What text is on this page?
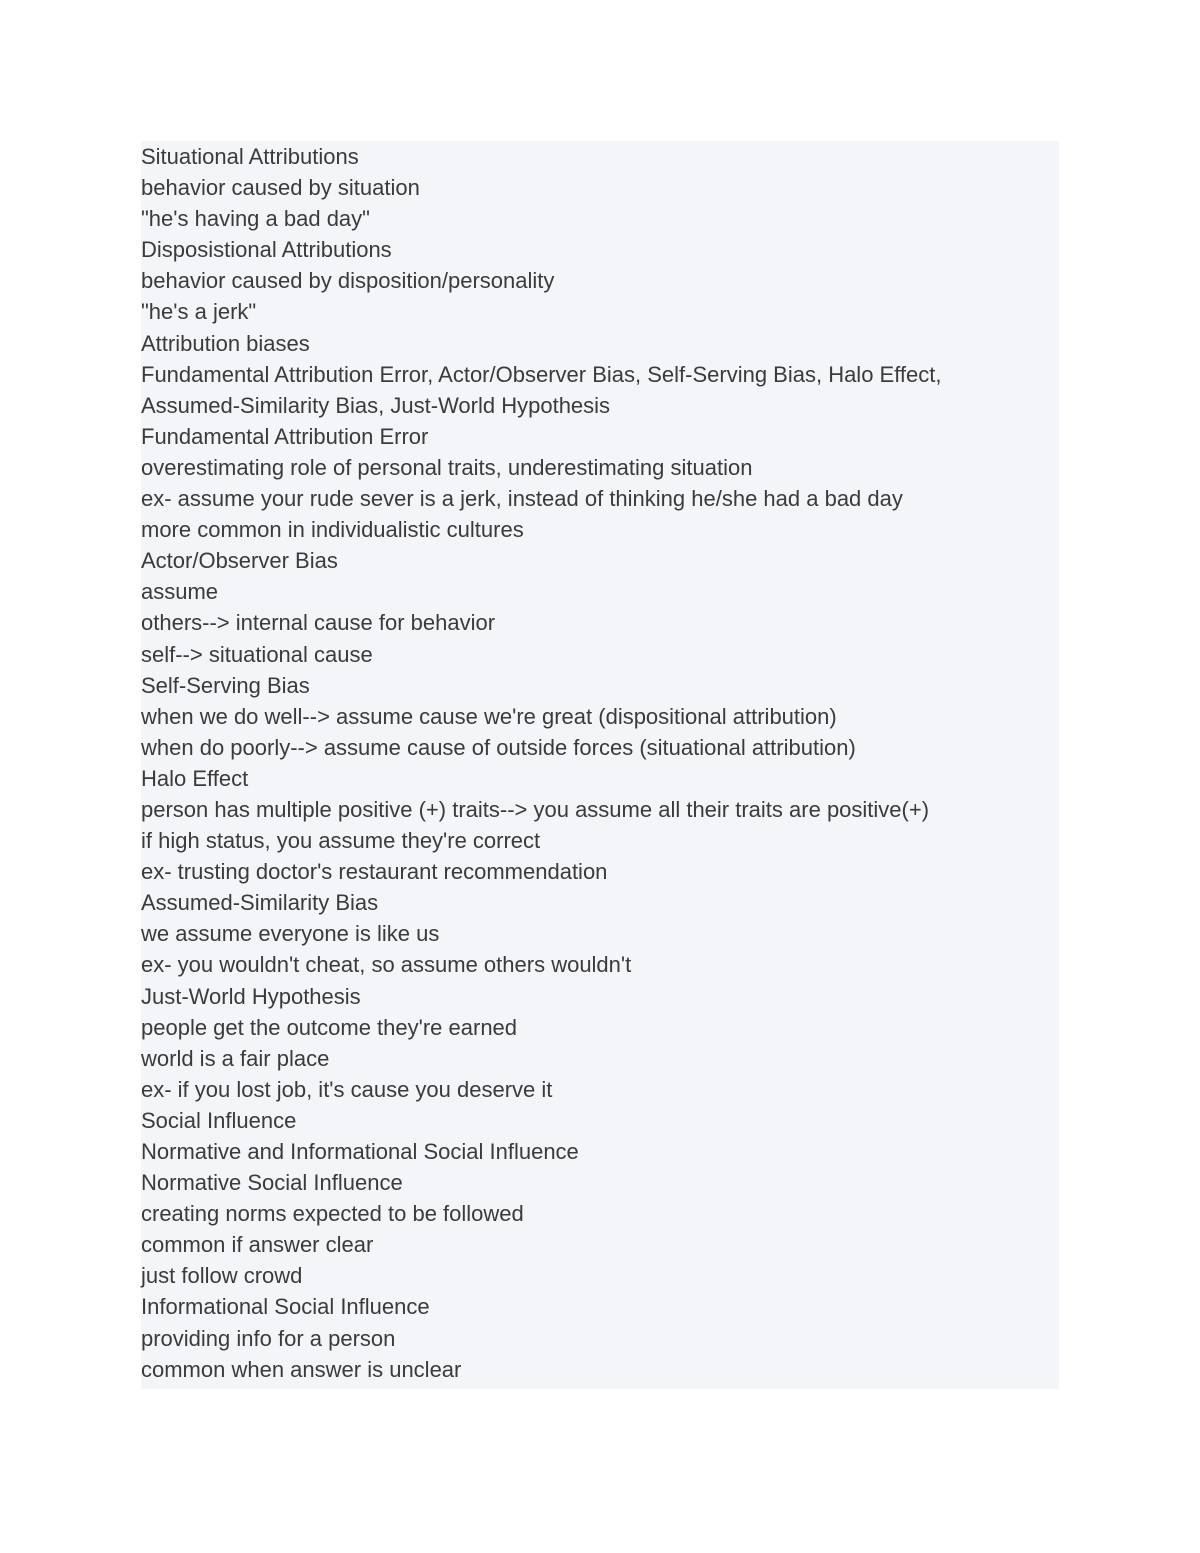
Situational Attributions
behavior caused by situation
"he's having a bad day"
Disposistional Attributions
behavior caused by disposition/personality
"he's a jerk"
Attribution biases
Fundamental Attribution Error, Actor/Observer Bias, Self-Serving Bias, Halo Effect,
Assumed-Similarity Bias, Just-World Hypothesis
Fundamental Attribution Error
overestimating role of personal traits, underestimating situation
ex- assume your rude sever is a jerk, instead of thinking he/she had a bad day
more common in individualistic cultures
Actor/Observer Bias
assume
others--> internal cause for behavior
self--> situational cause
Self-Serving Bias
when we do well--> assume cause we're great (dispositional attribution)
when do poorly--> assume cause of outside forces (situational attribution)
Halo Effect
person has multiple positive (+) traits--> you assume all their traits are positive(+)
if high status, you assume they're correct
ex- trusting doctor's restaurant recommendation
Assumed-Similarity Bias
we assume everyone is like us
ex- you wouldn't cheat, so assume others wouldn't
Just-World Hypothesis
people get the outcome they're earned
world is a fair place
ex- if you lost job, it's cause you deserve it
Social Influence
Normative and Informational Social Influence
Normative Social Influence
creating norms expected to be followed
common if answer clear
just follow crowd
Informational Social Influence
providing info for a person
common when answer is unclear
